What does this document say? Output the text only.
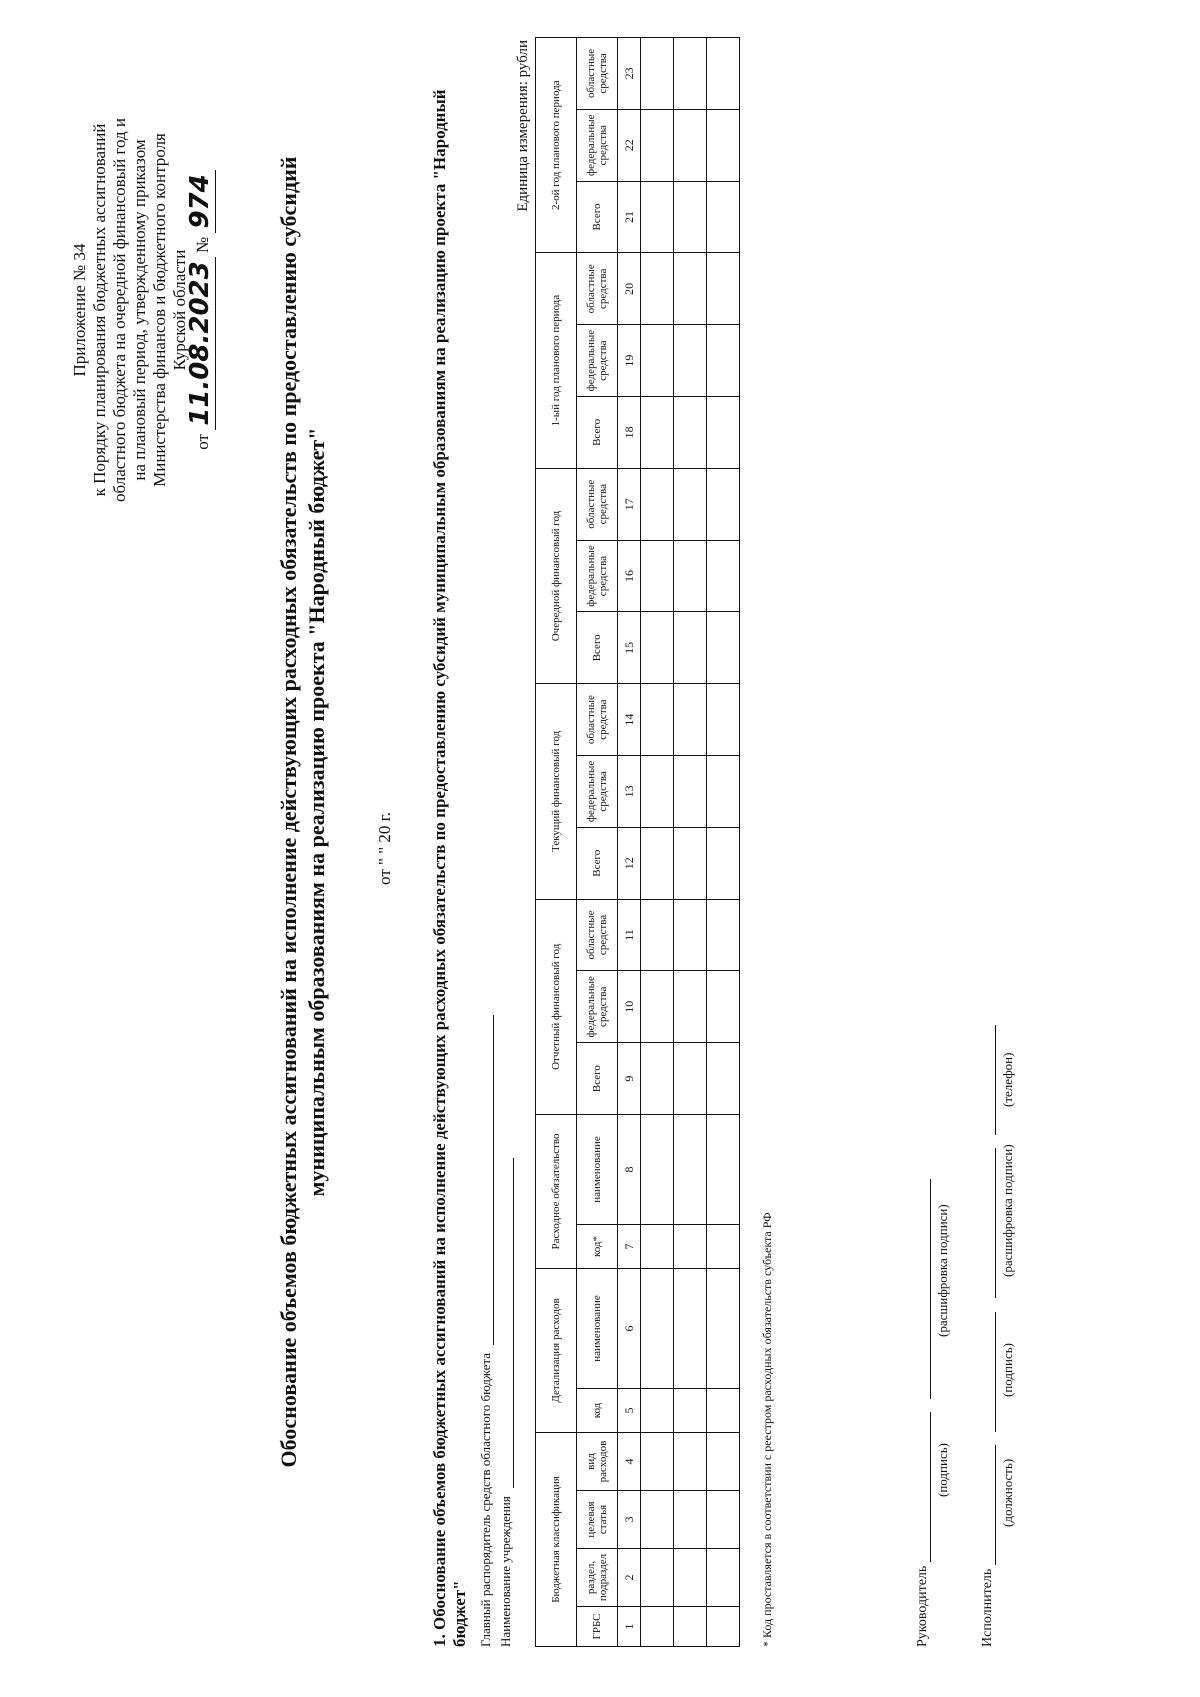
Приложение № 34 к Порядку планирования бюджетных ассигнований областного бюджета на очередной финансовый год и на плановый период, утвержденному приказом Министерства финансов и бюджетного контроля Курской области
от 11.08.2023 № 974	Обоснование объемов бюджетных ассигнований на исполнение действующих расходных обязательств по предоставлению субсидий муниципальным образованиям на реализацию проекта "Народный бюджет"	от " " 20 г. 1. Обоснование объемов бюджетных ассигнований на исполнение действующих расходных обязательств по предоставлению субсидий муниципальным образованиям на реализацию проекта "Народный бюджет" Главный распорядитель средств областного бюджета Наименование учреждения
Единица измерения: рубли
Бюджетная классификация				Детализация расходов		Расходное обязательство		Отчетный финансовый год			Текущий финансовый год			Очередной финансовый год			1-ый год планового периода			2-ой год планового периода		
ГРБС	раздел, подраздел	целевая статья	вид расходов	код	наименование	код*	наименование	Всего	федеральные средства	областные средства	Всего	федеральные средства	областные средства	Всего	федеральные средства	областные средства	Всего	федеральные средства	областные средства	Всего	федеральные средства	областные средства
1	2	3	4	5	6	7	8	9	10	11	12	13	14	15	16	17	18	19	20	21	22	23

* Код проставляется в соответствии с реестром расходных обязательств субъекта РФ	Руководитель
(подпись)
(расшифровка подписи)
Исполнитель
(должность)
(подпись)
(расшифровка подписи)
(телефон)
